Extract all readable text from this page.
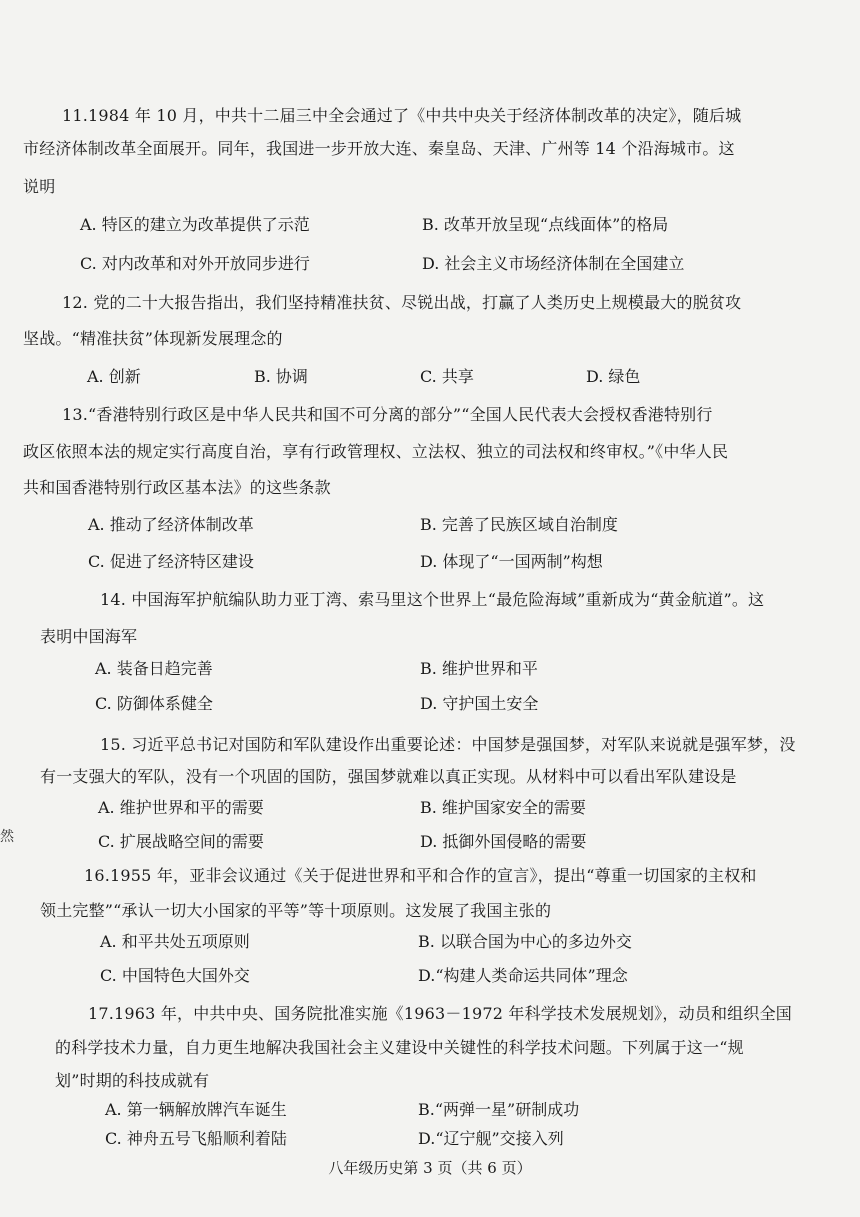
11.1984 年 10 月，中共十二届三中全会通过了《中共中央关于经济体制改革的决定》，随后城
市经济体制改革全面展开。同年，我国进一步开放大连、秦皇岛、天津、广州等 14 个沿海城市。这
说明
A. 特区的建立为改革提供了示范	B. 改革开放呈现“点线面体”的格局
C. 对内改革和对外开放同步进行	D. 社会主义市场经济体制在全国建立
12. 党的二十大报告指出，我们坚持精准扶贫、尽锐出战，打赢了人类历史上规模最大的脱贫攻
坚战。“精准扶贫”体现新发展理念的
A. 创新	B. 协调	C. 共享	D. 绿色
13.“香港特别行政区是中华人民共和国不可分离的部分”“全国人民代表大会授权香港特别行
政区依照本法的规定实行高度自治，享有行政管理权、立法权、独立的司法权和终审权。”《中华人民
共和国香港特别行政区基本法》的这些条款
A. 推动了经济体制改革	B. 完善了民族区域自治制度
C. 促进了经济特区建设	D. 体现了“一国两制”构想
14. 中国海军护航编队助力亚丁湾、索马里这个世界上“最危险海域”重新成为“黄金航道”。这
表明中国海军
A. 装备日趋完善	B. 维护世界和平
C. 防御体系健全	D. 守护国土安全
15. 习近平总书记对国防和军队建设作出重要论述：中国梦是强国梦，对军队来说就是强军梦，没
有一支强大的军队，没有一个巩固的国防，强国梦就难以真正实现。从材料中可以看出军队建设是
A. 维护世界和平的需要	B. 维护国家安全的需要
C. 扩展战略空间的需要	D. 抵御外国侵略的需要
然
16.1955 年，亚非会议通过《关于促进世界和平和合作的宣言》，提出“尊重一切国家的主权和
领土完整”“承认一切大小国家的平等”等十项原则。这发展了我国主张的
A. 和平共处五项原则	B. 以联合国为中心的多边外交
C. 中国特色大国外交	D.“构建人类命运共同体”理念
17.1963 年，中共中央、国务院批准实施《1963－1972 年科学技术发展规划》，动员和组织全国
的科学技术力量，自力更生地解决我国社会主义建设中关键性的科学技术问题。下列属于这一“规
划”时期的科技成就有
A. 第一辆解放牌汽车诞生	B.“两弹一星”研制成功
C. 神舟五号飞船顺利着陆	D.“辽宁舰”交接入列
八年级历史第 3 页（共 6 页）
